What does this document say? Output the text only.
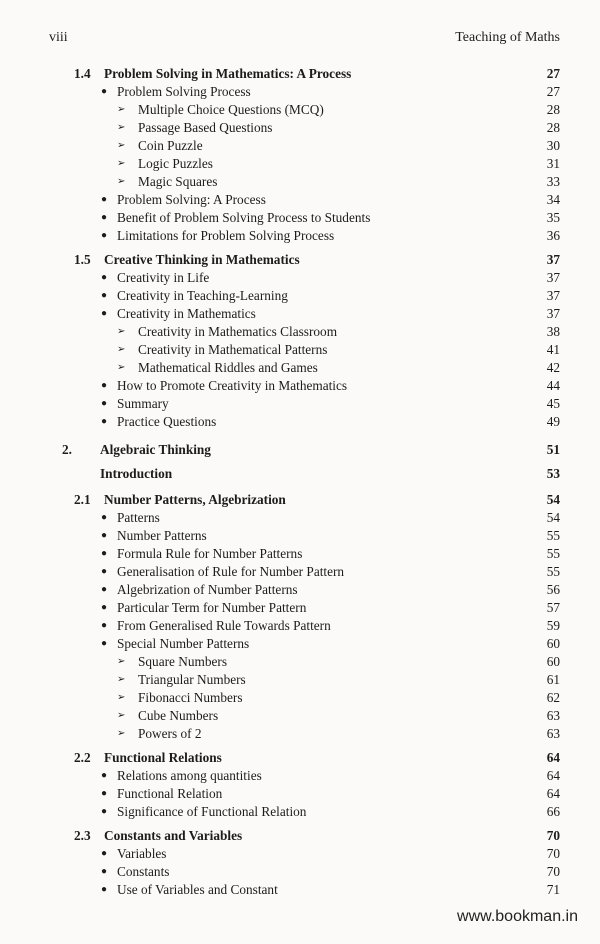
viii	Teaching of Maths
1.4 Problem Solving in Mathematics: A Process	27
● Problem Solving Process	27
➢ Multiple Choice Questions (MCQ)	28
➢ Passage Based Questions	28
➢ Coin Puzzle	30
➢ Logic Puzzles	31
➢ Magic Squares	33
● Problem Solving: A Process	34
● Benefit of Problem Solving Process to Students	35
● Limitations for Problem Solving Process	36
1.5 Creative Thinking in Mathematics	37
● Creativity in Life	37
● Creativity in Teaching-Learning	37
● Creativity in Mathematics	37
➢ Creativity in Mathematics Classroom	38
➢ Creativity in Mathematical Patterns	41
➢ Mathematical Riddles and Games	42
● How to Promote Creativity in Mathematics	44
● Summary	45
● Practice Questions	49
2. Algebraic Thinking	51
Introduction	53
2.1 Number Patterns, Algebrization	54
● Patterns	54
● Number Patterns	55
● Formula Rule for Number Patterns	55
● Generalisation of Rule for Number Pattern	55
● Algebrization of Number Patterns	56
● Particular Term for Number Pattern	57
● From Generalised Rule Towards Pattern	59
● Special Number Patterns	60
➢ Square Numbers	60
➢ Triangular Numbers	61
➢ Fibonacci Numbers	62
➢ Cube Numbers	63
➢ Powers of 2	63
2.2 Functional Relations	64
● Relations among quantities	64
● Functional Relation	64
● Significance of Functional Relation	66
2.3 Constants and Variables	70
● Variables	70
● Constants	70
● Use of Variables and Constant	71
www.bookman.in
